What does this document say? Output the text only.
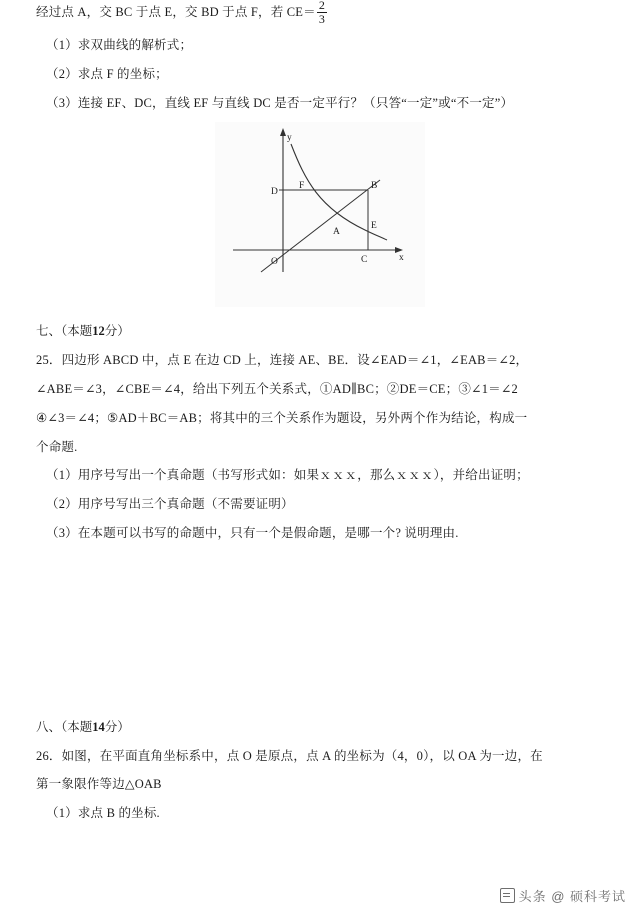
经过点 A，交 BC 于点 E，交 BD 于点 F，若 $CE= \frac{2}{3}$

（1）求双曲线的解析式；

（2）求点 F 的坐标；

（3）连接 EF、DC，直线 EF 与直线 DC 是否一定平行？（只答“一定”或“不一定”）

y
x
D
F	B
E
A
C
O

七、（本题12分）

25．四边形 ABCD 中，点 E 在边 CD 上，连接 AE、BE．设∠EAD＝∠1，∠EAB＝∠2，

∠ABE＝∠3，∠CBE＝∠4，给出下列五个关系式，①AD∥BC；②DE＝CE；③∠1＝∠2

④∠3＝∠4；⑤AD＋BC＝AB；将其中的三个关系作为题设，另外两个作为结论，构成一

个命题.

（1）用序号写出一个真命题（书写形式如：如果ｘｘｘ，那么ｘｘｘ），并给出证明；

（2）用序号写出三个真命题（不需要证明）

（3）在本题可以书写的命题中，只有一个是假命题，是哪一个? 说明理由.

八、（本题14分）

26．如图，在平面直角坐标系中，点 O 是原点，点 A 的坐标为（4，0），以 OA 为一边，在

第一象限作等边△OAB

（1）求点 B 的坐标.

头条 @ 硕科考试
